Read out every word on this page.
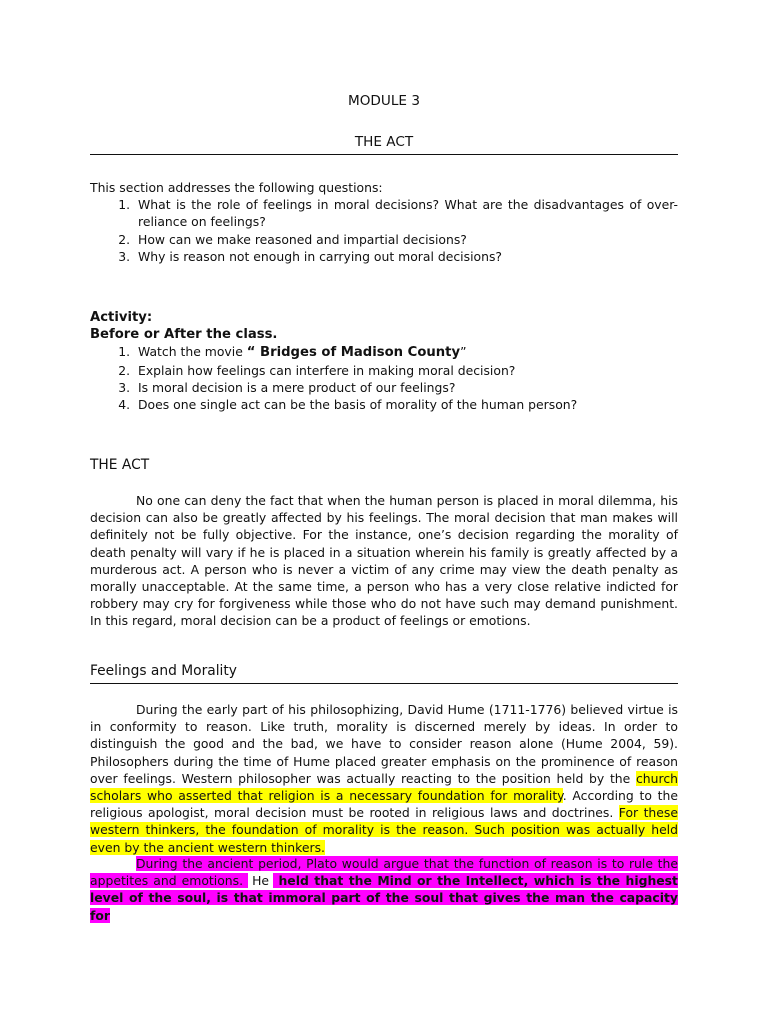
MODULE 3
THE ACT
This section addresses the following questions:
1. What is the role of feelings in moral decisions? What are the disadvantages of over-reliance on feelings?
2. How can we make reasoned and impartial decisions?
3. Why is reason not enough in carrying out moral decisions?
Activity:
Before or After the class.
1. Watch the movie “ Bridges of Madison County”
2. Explain how feelings can interfere in making moral decision?
3. Is moral decision is a mere product of our feelings?
4. Does one single act can be the basis of morality of the human person?
THE ACT
No one can deny the fact that when the human person is placed in moral dilemma, his decision can also be greatly affected by his feelings. The moral decision that man makes will definitely not be fully objective. For the instance, one’s decision regarding the morality of death penalty will vary if he is placed in a situation wherein his family is greatly affected by a murderous act. A person who is never a victim of any crime may view the death penalty as morally unacceptable. At the same time, a person who has a very close relative indicted for robbery may cry for forgiveness while those who do not have such may demand punishment. In this regard, moral decision can be a product of feelings or emotions.
Feelings and Morality
During the early part of his philosophizing, David Hume (1711-1776) believed virtue is in conformity to reason. Like truth, morality is discerned merely by ideas. In order to distinguish the good and the bad, we have to consider reason alone (Hume 2004, 59). Philosophers during the time of Hume placed greater emphasis on the prominence of reason over feelings. Western philosopher was actually reacting to the position held by the church scholars who asserted that religion is a necessary foundation for morality. According to the religious apologist, moral decision must be rooted in religious laws and doctrines. For these western thinkers, the foundation of morality is the reason. Such position was actually held even by the ancient western thinkers.
During the ancient period, Plato would argue that the function of reason is to rule the appetites and emotions. He held that the Mind or the Intellect, which is the highest level of the soul, is that immoral part of the soul that gives the man the capacity for
